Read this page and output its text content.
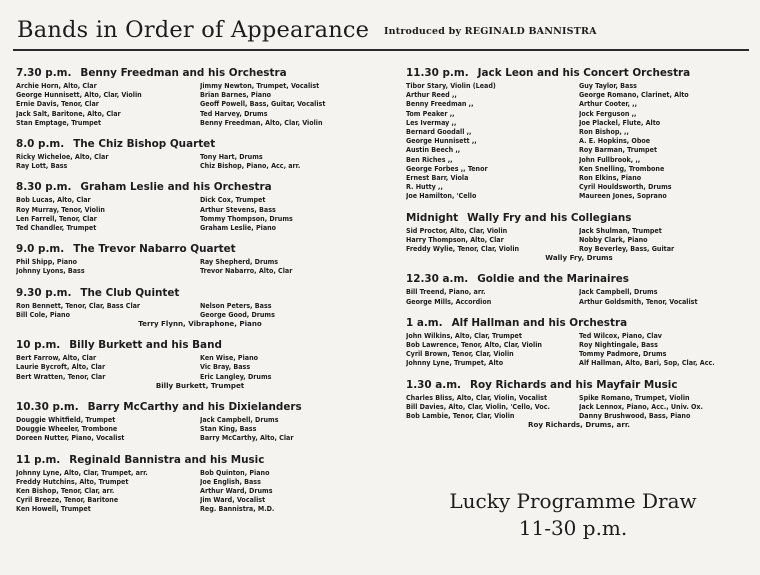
Bands in Order of Appearance Introduced by REGINALD BANNISTRA
7.30 p.m. Benny Freedman and his Orchestra
Archie Horn, Alto, Clar	Jimmy Newton, Trumpet, Vocalist
George Hunnisett, Alto, Clar, Violin	Brian Barnes, Piano
Ernie Davis, Tenor, Clar	Geoff Powell, Bass, Guitar, Vocalist
Jack Salt, Baritone, Alto, Clar	Ted Harvey, Drums
Stan Emptage, Trumpet	Benny Freedman, Alto, Clar, Violin
8.0 p.m. The Chiz Bishop Quartet
Ricky Wicheloe, Alto, Clar	Tony Hart, Drums
Ray Lott, Bass	Chiz Bishop, Piano, Acc, arr.
8.30 p.m. Graham Leslie and his Orchestra
Bob Lucas, Alto, Clar	Dick Cox, Trumpet
Roy Murray, Tenor, Violin	Arthur Stevens, Bass
Len Farrell, Tenor, Clar	Tommy Thompson, Drums
Ted Chandler, Trumpet	Graham Leslie, Piano
9.0 p.m. The Trevor Nabarro Quartet
Phil Shipp, Piano	Ray Shepherd, Drums
Johnny Lyons, Bass	Trevor Nabarro, Alto, Clar
9.30 p.m. The Club Quintet
Ron Bennett, Tenor, Clar, Bass Clar	Nelson Peters, Bass
Bill Cole, Piano	George Good, Drums
Terry Flynn, Vibraphone, Piano
10 p.m. Billy Burkett and his Band
Bert Farrow, Alto, Clar	Ken Wise, Piano
Laurie Bycroft, Alto, Clar	Vic Bray, Bass
Bert Wratten, Tenor, Clar	Eric Langley, Drums
Billy Burkett, Trumpet
10.30 p.m. Barry McCarthy and his Dixielanders
Douggie Whitfield, Trumpet	Jack Campbell, Drums
Douggie Wheeler, Trombone	Stan King, Bass
Doreen Nutter, Piano, Vocalist	Barry McCarthy, Alto, Clar
11 p.m. Reginald Bannistra and his Music
Johnny Lyne, Alto, Clar, Trumpet, arr.	Bob Quinton, Piano
Freddy Hutchins, Alto, Trumpet	Joe English, Bass
Ken Bishop, Tenor, Clar, arr.	Arthur Ward, Drums
Cyril Breeze, Tenor, Baritone	Jim Ward, Vocalist
Ken Howell, Trumpet	Reg. Bannistra, M.D.
11.30 p.m. Jack Leon and his Concert Orchestra
Tibor Stary, Violin (Lead)	Guy Taylor, Bass
Arthur Reed ,,	George Romano, Clarinet, Alto
Benny Freedman ,,	Arthur Cooter, ,,
Tom Peaker ,,	Jock Ferguson ,,
Les Ivermay ,,	Joe Plackel, Flute, Alto
Bernard Goodall ,,	Ron Bishop, ,,
George Hunnisett ,,	A. E. Hopkins, Oboe
Austin Beech ,,	Roy Barman, Trumpet
Ben Riches ,,	John Fullbrook, ,,
George Forbes ,, Tenor	Ken Snelling, Trombone
Ernest Barr, Viola	Ron Elkins, Piano
R. Hutty ,,	Cyril Houldsworth, Drums
Joe Hamilton, 'Cello	Maureen Jones, Soprano
Midnight Wally Fry and his Collegians
Sid Proctor, Alto, Clar, Violin	Jack Shulman, Trumpet
Harry Thompson, Alto, Clar	Nobby Clark, Piano
Freddy Wylie, Tenor, Clar, Violin	Roy Beverley, Bass, Guitar
Wally Fry, Drums
12.30 a.m. Goldie and the Marinaires
Bill Treend, Piano, arr.	Jack Campbell, Drums
George Mills, Accordion	Arthur Goldsmith, Tenor, Vocalist
1 a.m. Alf Hallman and his Orchestra
John Wilkins, Alto, Clar, Trumpet	Ted Wilcox, Piano, Clav
Bob Lawrence, Tenor, Alto, Clar, Violin	Roy Nightingale, Bass
Cyril Brown, Tenor, Clar, Violin	Tommy Padmore, Drums
Johnny Lyne, Trumpet, Alto	Alf Hallman, Alto, Bari, Sop, Clar, Acc.
1.30 a.m. Roy Richards and his Mayfair Music
Charles Bliss, Alto, Clar, Violin, Vocalist	Spike Romano, Trumpet, Violin
Bill Davies, Alto, Clar, Violin, 'Cello, Voc.	Jack Lennox, Piano, Acc., Univ. Ox.
Bob Lambie, Tenor, Clar, Violin	Danny Brushwood, Bass, Piano
Roy Richards, Drums, arr.
Lucky Programme Draw
11-30 p.m.
